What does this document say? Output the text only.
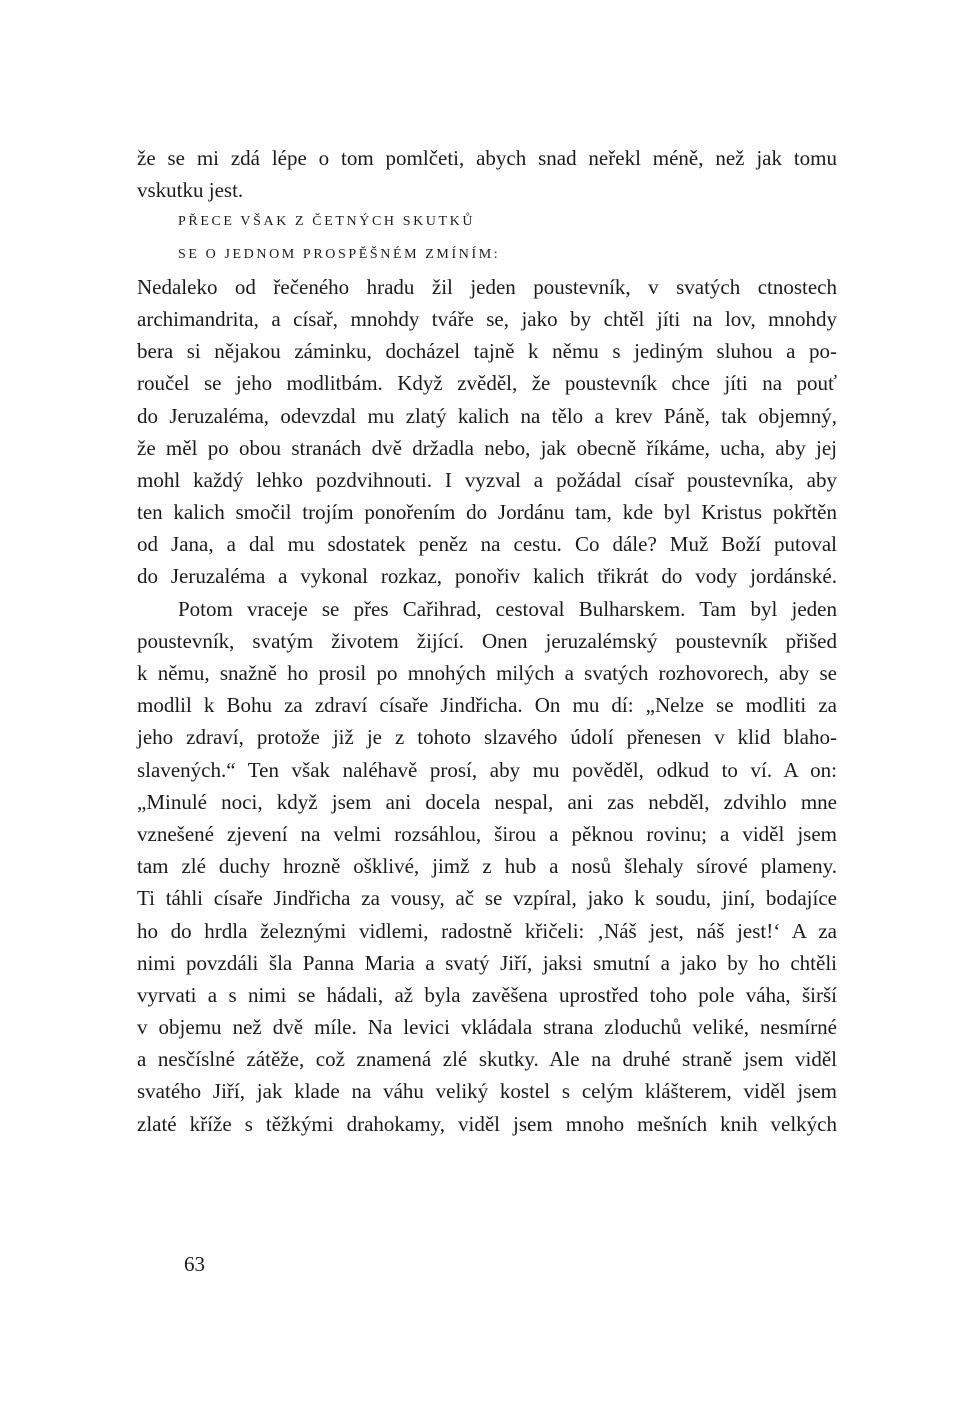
že se mi zdá lépe o tom pomlčeti, abych snad neřekl méně, než jak tomu
vskutku jest.
PŘECE VŠAK Z ČETNÝCH SKUTKŮ
SE O JEDNOM PROSPĚŠNÉM ZMÍNÍM:
Nedaleko od řečeného hradu žil jeden poustevník, v svatých ctnostech
archimandrita, a císař, mnohdy tváře se, jako by chtěl jíti na lov, mnohdy
bera si nějakou záminku, docházel tajně k němu s jediným sluhou a po-
roučel se jeho modlitbám. Když zvěděl, že poustevník chce jíti na pouť
do Jeruzaléma, odevzdal mu zlatý kalich na tělo a krev Páně, tak objemný,
že měl po obou stranách dvě držadla nebo, jak obecně říkáme, ucha, aby jej
mohl každý lehko pozdvihnouti. I vyzval a požádal císař poustevníka, aby
ten kalich smočil trojím ponořením do Jordánu tam, kde byl Kristus pokřtěn
od Jana, a dal mu sdostatek peněz na cestu. Co dále? Muž Boží putoval
do Jeruzaléma a vykonal rozkaz, ponořiv kalich třikrát do vody jordánské.
Potom vraceje se přes Cařihrad, cestoval Bulharskem. Tam byl jeden
poustevník, svatým životem žijící. Onen jeruzalémský poustevník přišed
k němu, snažně ho prosil po mnohých milých a svatých rozhovorech, aby se
modlil k Bohu za zdraví císaře Jindřicha. On mu dí: „Nelze se modliti za
jeho zdraví, protože již je z tohoto slzavého údolí přenesen v klid blaho-
slavených.“ Ten však naléhavě prosí, aby mu pověděl, odkud to ví. A on:
„Minulé noci, když jsem ani docela nespal, ani zas nebděl, zdvihlo mne
vznešené zjevení na velmi rozsáhlou, širou a pěknou rovinu; a viděl jsem
tam zlé duchy hrozně ošklivé, jimž z hub a nosů šlehaly sírové plameny.
Ti táhli císaře Jindřicha za vousy, ač se vzpíral, jako k soudu, jiní, bodajíce
ho do hrdla železnými vidlemi, radostně křičeli: ‚Náš jest, náš jest!‘ A za
nimi povzdáli šla Panna Maria a svatý Jiří, jaksi smutní a jako by ho chtěli
vyrvati a s nimi se hádali, až byla zavěšena uprostřed toho pole váha, širší
v objemu než dvě míle. Na levici vkládala strana zloduchů veliké, nesmírné
a nesčíslné zátěže, což znamená zlé skutky. Ale na druhé straně jsem viděl
svatého Jiří, jak klade na váhu veliký kostel s celým klášterem, viděl jsem
zlaté kříže s těžkými drahokamy, viděl jsem mnoho mešních knih velkých
63
